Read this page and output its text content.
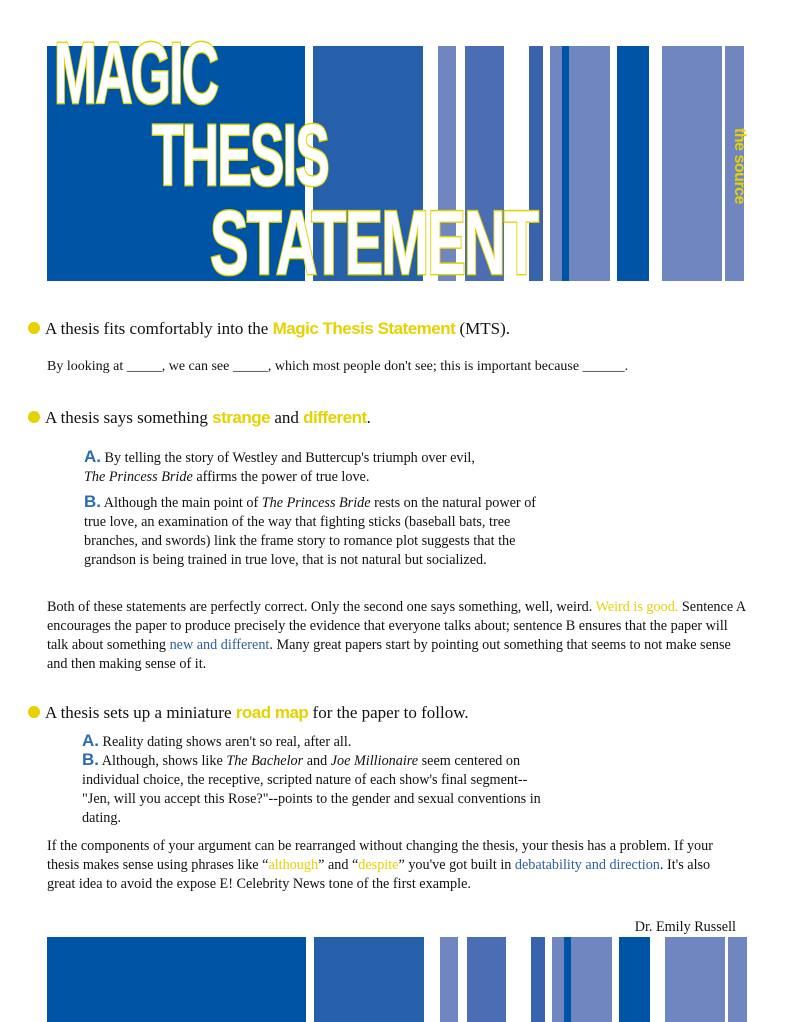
MAGIC
THESIS
STATEMENT
the source
A thesis fits comfortably into the Magic Thesis Statement (MTS).
By looking at _____, we can see _____, which most people don't see; this is important because ______.
A thesis says something strange and different.
A. By telling the story of Westley and Buttercup's triumph over evil,
The Princess Bride affirms the power of true love.
B. Although the main point of The Princess Bride rests on the natural power of true love, an examination of the way that fighting sticks (baseball bats, tree branches, and swords) link the frame story to romance plot suggests that the grandson is being trained in true love, that is not natural but socialized.
Both of these statements are perfectly correct. Only the second one says something, well, weird. Weird is good. Sentence A encourages the paper to produce precisely the evidence that everyone talks about; sentence B ensures that the paper will talk about something new and different. Many great papers start by pointing out something that seems to not make sense and then making sense of it.
A thesis sets up a miniature road map for the paper to follow.
A. Reality dating shows aren't so real, after all.
B. Although, shows like The Bachelor and Joe Millionaire seem centered on individual choice, the receptive, scripted nature of each show's final segment--"Jen, will you accept this Rose?"--points to the gender and sexual conventions in dating.
If the components of your argument can be rearranged without changing the thesis, your thesis has a problem. If your thesis makes sense using phrases like “although” and “despite” you've got built in debatability and direction. It's also great idea to avoid the expose E! Celebrity News tone of the first example.
Dr. Emily Russell
